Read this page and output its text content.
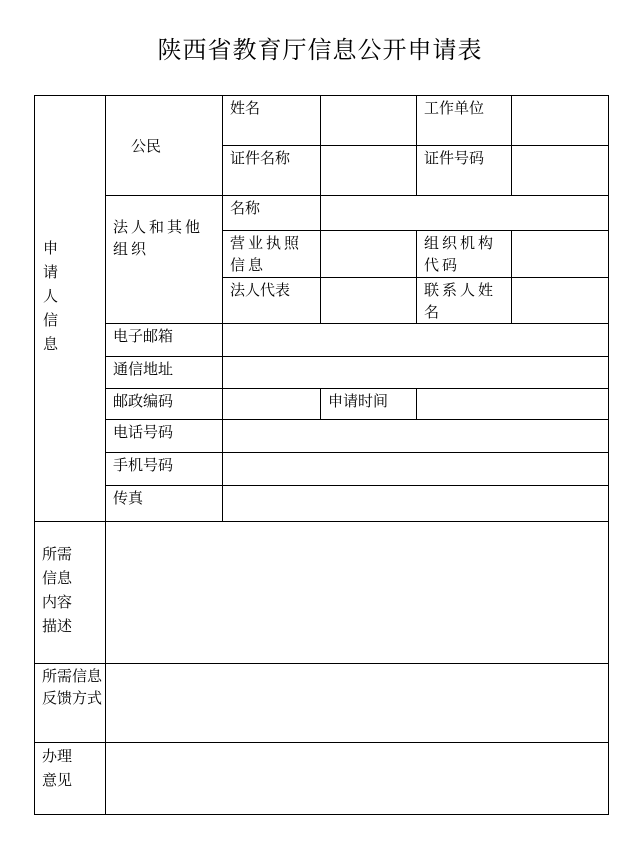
陕西省教育厅信息公开申请表
申请人信息	公民	姓名		工作单位	
		证件名称		证件号码	
	法人和其他组织	名称			
		营业执照信息		组织机构代码	
		法人代表		联系人姓名	
	电子邮箱				
	通信地址				
	邮政编码		申请时间		
	电话号码				
	手机号码				
	传真				

所需信息内容描述					

所需信息反馈方式					

办理意见					
